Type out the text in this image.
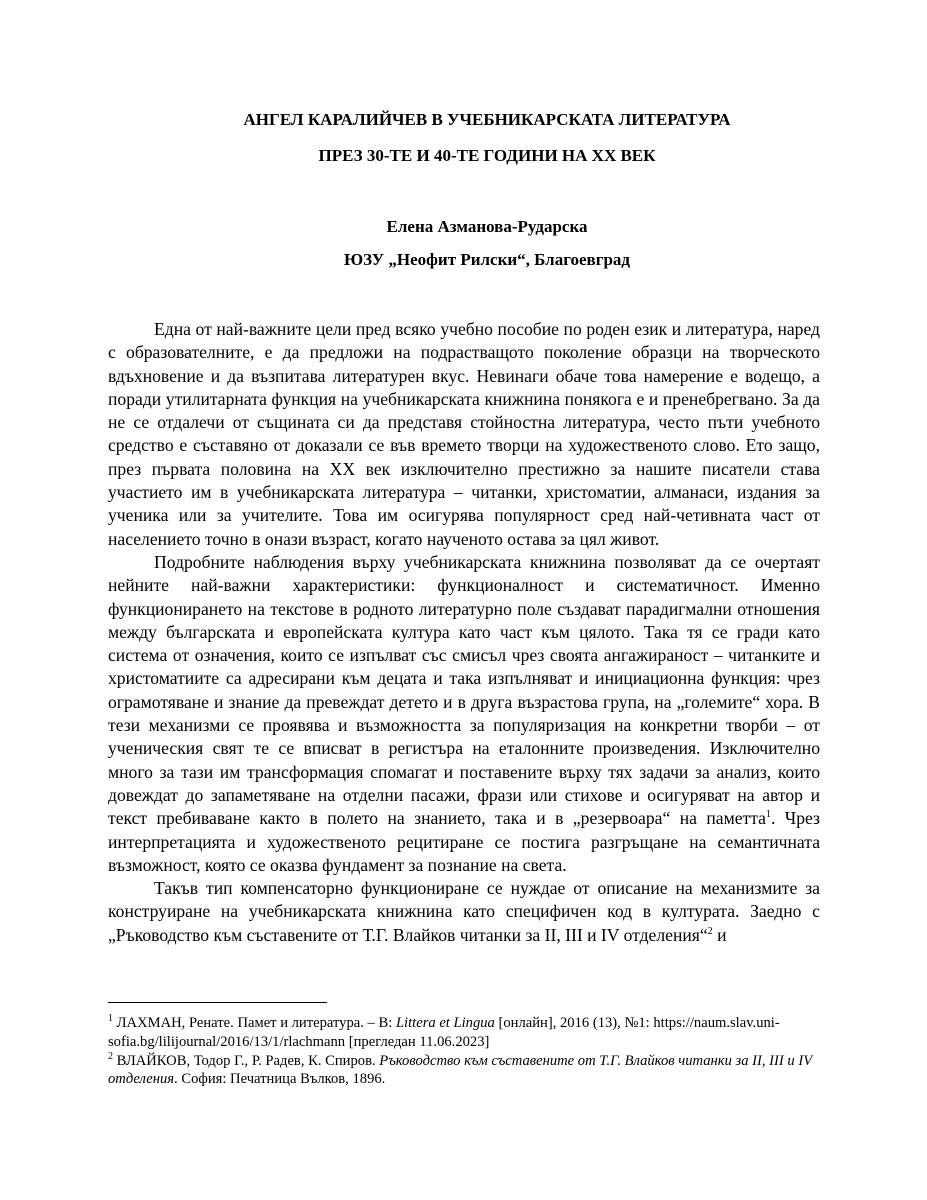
АНГЕЛ КАРАЛИЙЧЕВ В УЧЕБНИКАРСКАТА ЛИТЕРАТУРА
ПРЕЗ 30-ТЕ И 40-ТЕ ГОДИНИ НА XX ВЕК

Елена Азманова-Рударска

ЮЗУ „Неофит Рилски“, Благоевград

Една от най-важните цели пред всяко учебно пособие по роден език и литература, наред с образователните, е да предложи на подрастващото поколение образци на творческото вдъхновение и да възпитава литературен вкус. Невинаги обаче това намерение е водещо, а поради утилитарната функция на учебникарската книжнина понякога е и пренебрегвано. За да не се отдалечи от същината си да представя стойностна литература, често пъти учебното средство е съставяно от доказали се във времето творци на художественото слово. Ето защо, през първата половина на XX век изключително престижно за нашите писатели става участието им в учебникарската литература – читанки, христоматии, алманаси, издания за ученика или за учителите. Това им осигурява популярност сред най-четивната част от населението точно в онази възраст, когато наученото остава за цял живот.

Подробните наблюдения върху учебникарската книжнина позволяват да се очертаят нейните най-важни характеристики: функционалност и систематичност. Именно функционирането на текстове в родното литературно поле създават парадигмални отношения между българската и европейската култура като част към цялото. Така тя се гради като система от означения, които се изпълват със смисъл чрез своята ангажираност – читанките и христоматиите са адресирани към децата и така изпълняват и инициационна функция: чрез ограмотяване и знание да превеждат детето и в друга възрастова група, на „големите“ хора. В тези механизми се проявява и възможността за популяризация на конкретни творби – от ученическия свят те се вписват в регистъра на еталонните произведения. Изключително много за тази им трансформация спомагат и поставените върху тях задачи за анализ, които довеждат до запаметяване на отделни пасажи, фрази или стихове и осигуряват на автор и текст пребиваване както в полето на знанието, така и в „резервоара“ на паметта$^1$. Чрез интерпретацията и художественото рецитиране се постига разгръщане на семантичната възможност, която се оказва фундамент за познание на света.

Такъв тип компенсаторно функциониране се нуждае от описание на механизмите за конструиране на учебникарската книжнина като специфичен код в културата. Заедно с „Ръководство към съставените от Т.Г. Влайков читанки за II, III и IV отделения“$^2$ и

$^1$ ЛАХМАН, Ренате. Памет и литература. – В: Littera et Lingua [онлайн], 2016 (13), №1: https://naum.slav.uni-sofia.bg/lilijournal/2016/13/1/rlachmann [прегледан 11.06.2023]

$^2$ ВЛАЙКОВ, Тодор Г., Р. Радев, К. Спиров. Ръководство към съставените от Т.Г. Влайков читанки за II, III и IV отделения. София: Печатница Вълков, 1896.
